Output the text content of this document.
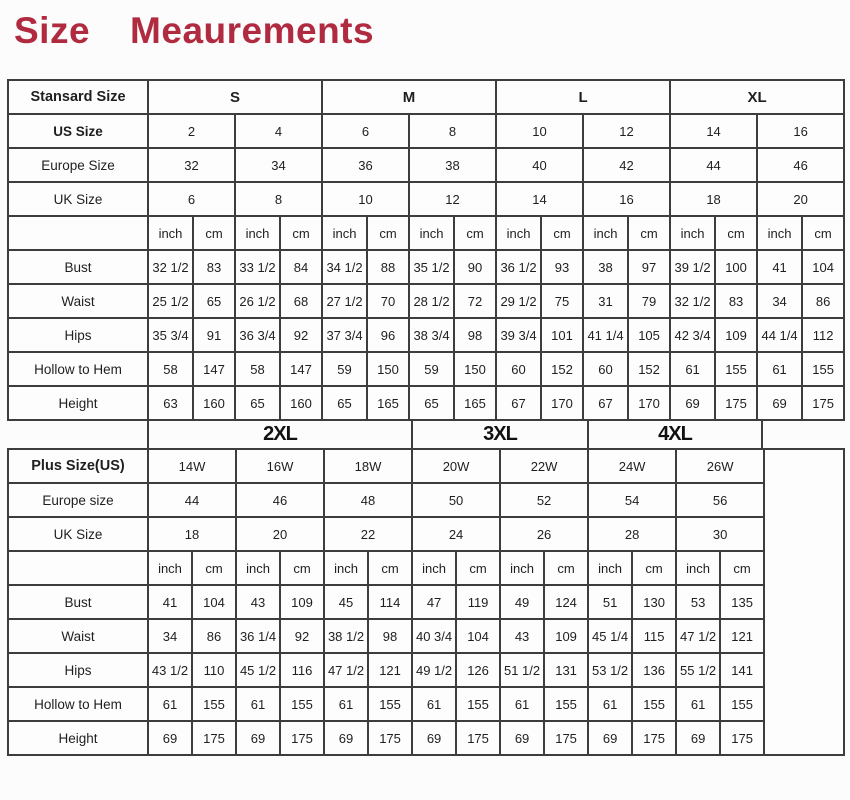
Size Meaurements
Stansard Size	S				M				L				XL			
US Size	2		4		6		8		10		12		14		16	
Europe Size	32		34		36		38		40		42		44		46	
UK Size	6		8		10		12		14		16		18		20	
	inch	cm	inch	cm	inch	cm	inch	cm	inch	cm	inch	cm	inch	cm	inch	cm
Bust	32 1/2	83	33 1/2	84	34 1/2	88	35 1/2	90	36 1/2	93	38	97	39 1/2	100	41	104
Waist	25 1/2	65	26 1/2	68	27 1/2	70	28 1/2	72	29 1/2	75	31	79	32 1/2	83	34	86
Hips	35 3/4	91	36 3/4	92	37 3/4	96	38 3/4	98	39 3/4	101	41 1/4	105	42 3/4	109	44 1/4	112
Hollow to Hem	58	147	58	147	59	150	59	150	60	152	60	152	61	155	61	155
Height	63	160	65	160	65	165	65	165	67	170	67	170	69	175	69	175
2XL	3XL	4XL
Plus Size(US)	14W		16W		18W		20W		22W		24W		26W		
Europe size	44		46		48		50		52		54		56		
UK Size	18		20		22		24		26		28		30		
	inch	cm	inch	cm	inch	cm	inch	cm	inch	cm	inch	cm	inch	cm	
Bust	41	104	43	109	45	114	47	119	49	124	51	130	53	135	
Waist	34	86	36 1/4	92	38 1/2	98	40 3/4	104	43	109	45 1/4	115	47 1/2	121	
Hips	43 1/2	110	45 1/2	116	47 1/2	121	49 1/2	126	51 1/2	131	53 1/2	136	55 1/2	141	
Hollow to Hem	61	155	61	155	61	155	61	155	61	155	61	155	61	155	
Height	69	175	69	175	69	175	69	175	69	175	69	175	69	175	
